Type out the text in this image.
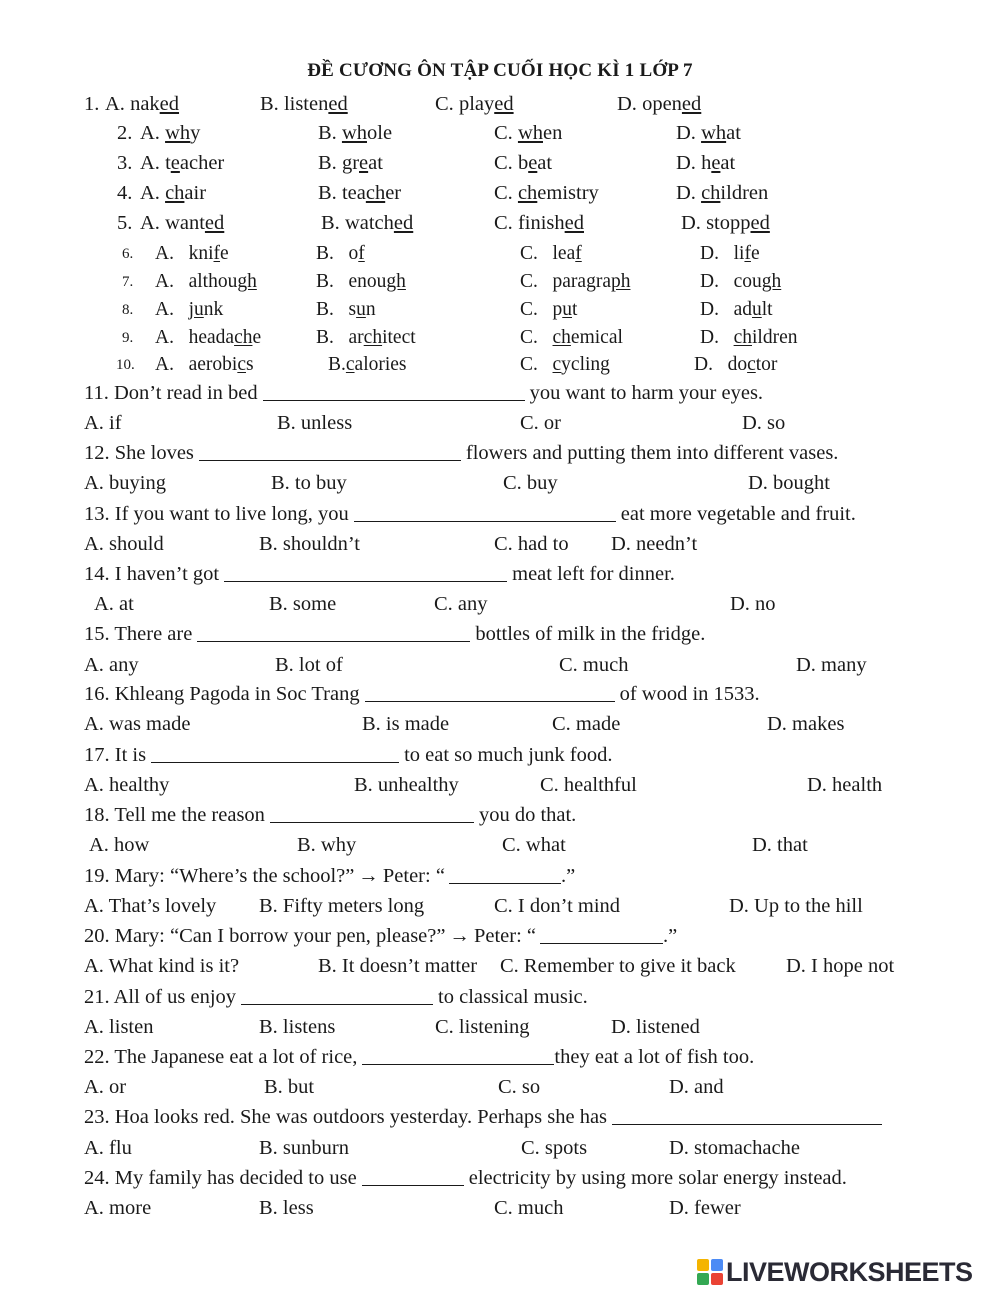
ĐỀ CƯƠNG ÔN TẬP CUỐI HỌC KÌ 1 LỚP 7
1. A. naked	B. listened	C. played	D. opened
2. A. why	B. whole	C. when	D. what
3. A. teacher	B. great	C. beat	D. heat
4. A. chair	B. teacher	C. chemistry	D. children
5. A. wanted	B. watched	C. finished	D. stopped
6. A. knife	B. of	C. leaf	D. life
7. A. although	B. enough	C. paragraph	D. cough
8. A. junk	B. sun	C. put	D. adult
9. A. headache	B. architect	C. chemical	D. children
10. A. aerobics	B.calories	C. cycling	D. doctor
11. Don’t read in bed	you want to harm your eyes.
A. if	B. unless	C. or	D. so
12. She loves	flowers and putting them into different vases.
A. buying	B. to buy	C. buy	D. bought
13. If you want to live long, you	eat more vegetable and fruit.
A. should	B. shouldn’t	C. had to D. needn’t
14. I haven’t got	meat left for dinner.
A. at	B. some	C. any	D. no
15. There are	bottles of milk in the fridge.
A. any	B. lot of	C. much	D. many
16. Khleang Pagoda in Soc Trang	of wood in 1533.
A. was made	B. is made	C. made	D. makes
17. It is	to eat so much junk food.
A. healthy	B. unhealthy	C. healthful	D. health
18. Tell me the reason	you do that.
A. how	B. why	C. what	D. that
19. Mary: “Where’s the school?” → Peter: “	.”
A. That’s lovely B. Fifty meters long	C. I don’t mind	D. Up to the hill
20. Mary: “Can I borrow your pen, please?” → Peter: “	.”
A. What kind is it?	B. It doesn’t matter C. Remember to give it back D. I hope not
21. All of us enjoy	to classical music.
A. listen	B. listens	C. listening	D. listened
22. The Japanese eat a lot of rice,	they eat a lot of fish too.
A. or	B. but	C. so	D. and
23. Hoa looks red. She was outdoors yesterday. Perhaps she has
A. flu	B. sunburn	C. spots	D. stomachache
24. My family has decided to use	electricity by using more solar energy instead.
A. more	B. less	C. much	D. fewer
LIVEWORKSHEETS
